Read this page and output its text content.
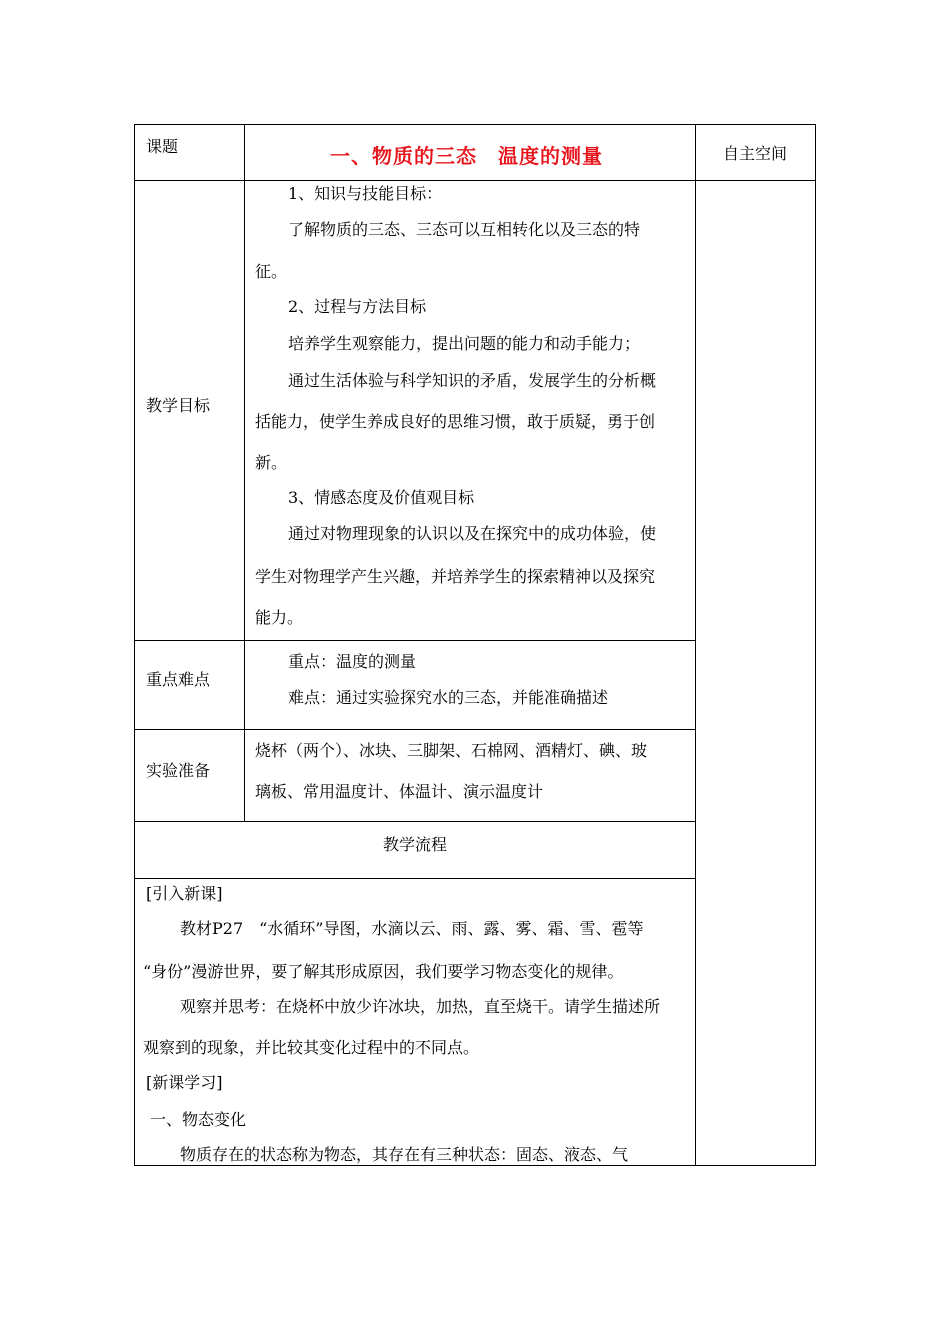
课题	一、物质的三态　温度的测量	自主空间
教学目标
1、知识与技能目标：
了解物质的三态、三态可以互相转化以及三态的特
征。
2、过程与方法目标
培养学生观察能力，提出问题的能力和动手能力；
通过生活体验与科学知识的矛盾，发展学生的分析概
括能力，使学生养成良好的思维习惯，敢于质疑，勇于创
新。
3、情感态度及价值观目标
通过对物理现象的认识以及在探究中的成功体验，使
学生对物理学产生兴趣，并培养学生的探索精神以及探究
能力。
重点难点
重点：温度的测量
难点：通过实验探究水的三态，并能准确描述
实验准备
烧杯（两个）、冰块、三脚架、石棉网、酒精灯、碘、玻
璃板、常用温度计、体温计、演示温度计
教学流程
[引入新课]
教材P27　“水循环”导图，水滴以云、雨、露、雾、霜、雪、雹等
“身份”漫游世界，要了解其形成原因，我们要学习物态变化的规律。
观察并思考：在烧杯中放少许冰块，加热，直至烧干。请学生描述所
观察到的现象，并比较其变化过程中的不同点。
[新课学习]
一、物态变化
物质存在的状态称为物态，其存在有三种状态：固态、液态、气
